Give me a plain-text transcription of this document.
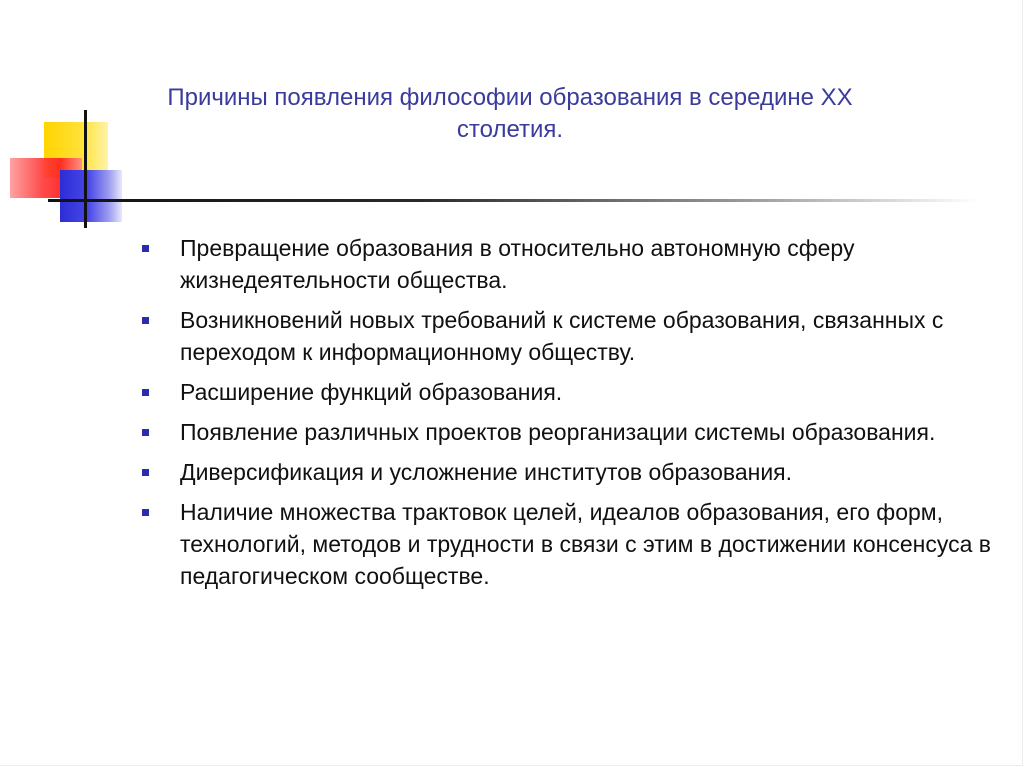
Причины появления философии образования в середине XX столетия.
Превращение образования в относительно автономную сферу жизнедеятельности общества.
Возникновений новых требований к системе образования, связанных с переходом к информационному обществу.
Расширение функций образования.
Появление различных проектов реорганизации системы образования.
Диверсификация и усложнение институтов образования.
Наличие множества трактовок целей, идеалов образования, его форм, технологий, методов и трудности в связи с этим в достижении консенсуса в педагогическом сообществе.
